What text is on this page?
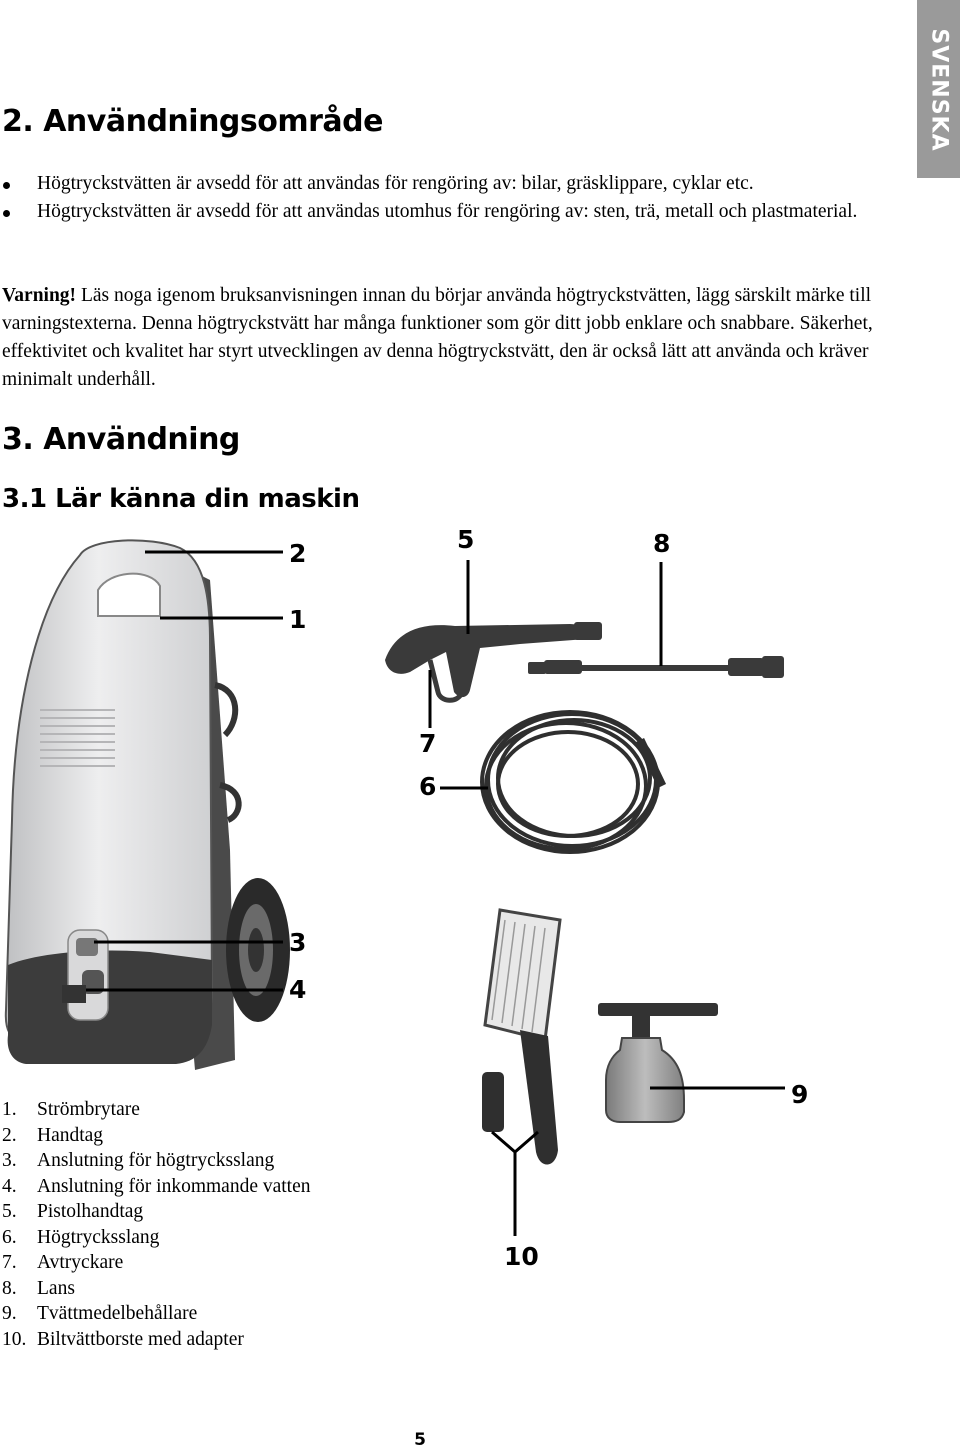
SVENSKA
2. Användningsområde
Högtryckstvätten är avsedd för att användas för rengöring av: bilar, gräsklippare, cyklar etc.
Högtryckstvätten är avsedd för att användas utomhus för rengöring av: sten, trä, metall och plastmaterial.

Varning! Läs noga igenom bruksanvisningen innan du börjar använda högtryckstvätten, lägg särskilt märke till varningstexterna. Denna högtryckstvätt har många funktioner som gör ditt jobb enklare och snabbare. Säkerhet, effektivitet och kvalitet har styrt utvecklingen av denna högtryckstvätt, den är också lätt att använda och kräver minimalt underhåll.

3. Användning
3.1 Lär känna din maskin
2
1
5	8
7
6
3
4
9
10
1. Strömbrytare
2. Handtag
3. Anslutning för högtrycksslang
4. Anslutning för inkommande vatten
5. Pistolhandtag
6. Högtrycksslang
7. Avtryckare
8. Lans
9. Tvättmedelbehållare
10. Biltvättborste med adapter
5
